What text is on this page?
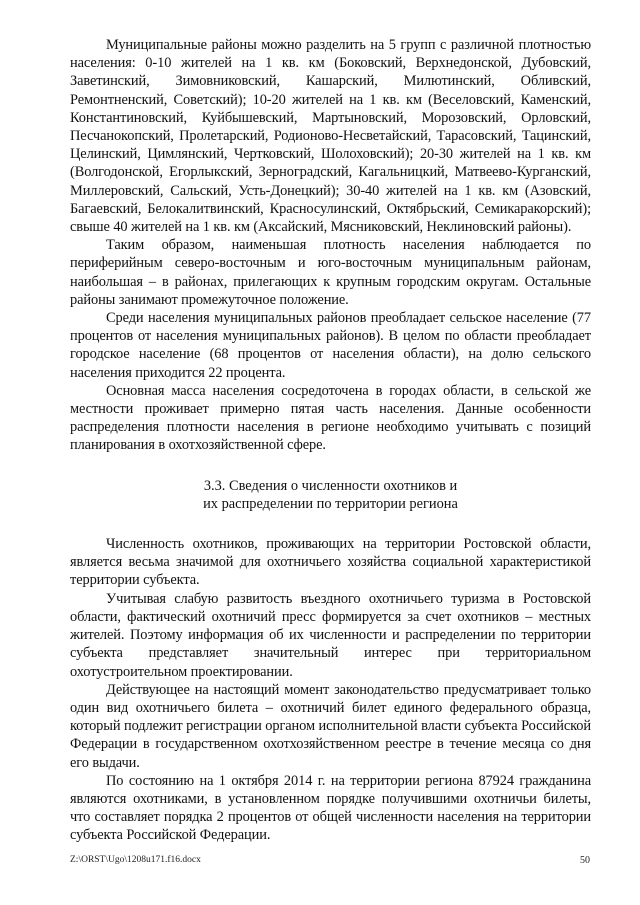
Муниципальные районы можно разделить на 5 групп с различной плотностью населения: 0-10 жителей на 1 кв. км (Боковский, Верхнедонской, Дубовский, Заветинский, Зимовниковский, Кашарский, Милютинский, Обливский, Ремонтненский, Советский); 10-20 жителей на 1 кв. км (Веселовский, Каменский, Константиновский, Куйбышевский, Мартыновский, Морозовский, Орловский, Песчанокопский, Пролетарский, Родионово-Несветайский, Тарасовский, Тацинский, Целинский, Цимлянский, Чертковский, Шолоховский); 20-30 жителей на 1 кв. км (Волгодонской, Егорлыкский, Зерноградский, Кагальницкий, Матвеево-Курганский, Миллеровский, Сальский, Усть-Донецкий); 30-40 жителей на 1 кв. км (Азовский, Багаевский, Белокалитвинский, Красносулинский, Октябрьский, Семикаракорский); свыше 40 жителей на 1 кв. км (Аксайский, Мясниковский, Неклиновский районы).

Таким образом, наименьшая плотность населения наблюдается по периферийным северо-восточным и юго-восточным муниципальным районам, наибольшая – в районах, прилегающих к крупным городским округам. Остальные районы занимают промежуточное положение.

Среди населения муниципальных районов преобладает сельское население (77 процентов от населения муниципальных районов). В целом по области преобладает городское население (68 процентов от населения области), на долю сельского населения приходится 22 процента.

Основная масса населения сосредоточена в городах области, в сельской же местности проживает примерно пятая часть населения. Данные особенности распределения плотности населения в регионе необходимо учитывать с позиций планирования в охотхозяйственной сфере.

3.3. Сведения о численности охотников и
их распределении по территории региона

Численность охотников, проживающих на территории Ростовской области, является весьма значимой для охотничьего хозяйства социальной характеристикой территории субъекта.

Учитывая слабую развитость въездного охотничьего туризма в Ростовской области, фактический охотничий пресс формируется за счет охотников – местных жителей. Поэтому информация об их численности и распределении по территории субъекта представляет значительный интерес при территориальном охотустроительном проектировании.

Действующее на настоящий момент законодательство предусматривает только один вид охотничьего билета – охотничий билет единого федерального образца, который подлежит регистрации органом исполнительной власти субъекта Российской Федерации в государственном охотхозяйственном реестре в течение месяца со дня его выдачи.

По состоянию на 1 октября 2014 г. на территории региона 87924 гражданина являются охотниками, в установленном порядке получившими охотничьи билеты, что составляет порядка 2 процентов от общей численности населения на территории субъекта Российской Федерации.

Z:\ORST\Ugo\1208u171.f16.docx	50
